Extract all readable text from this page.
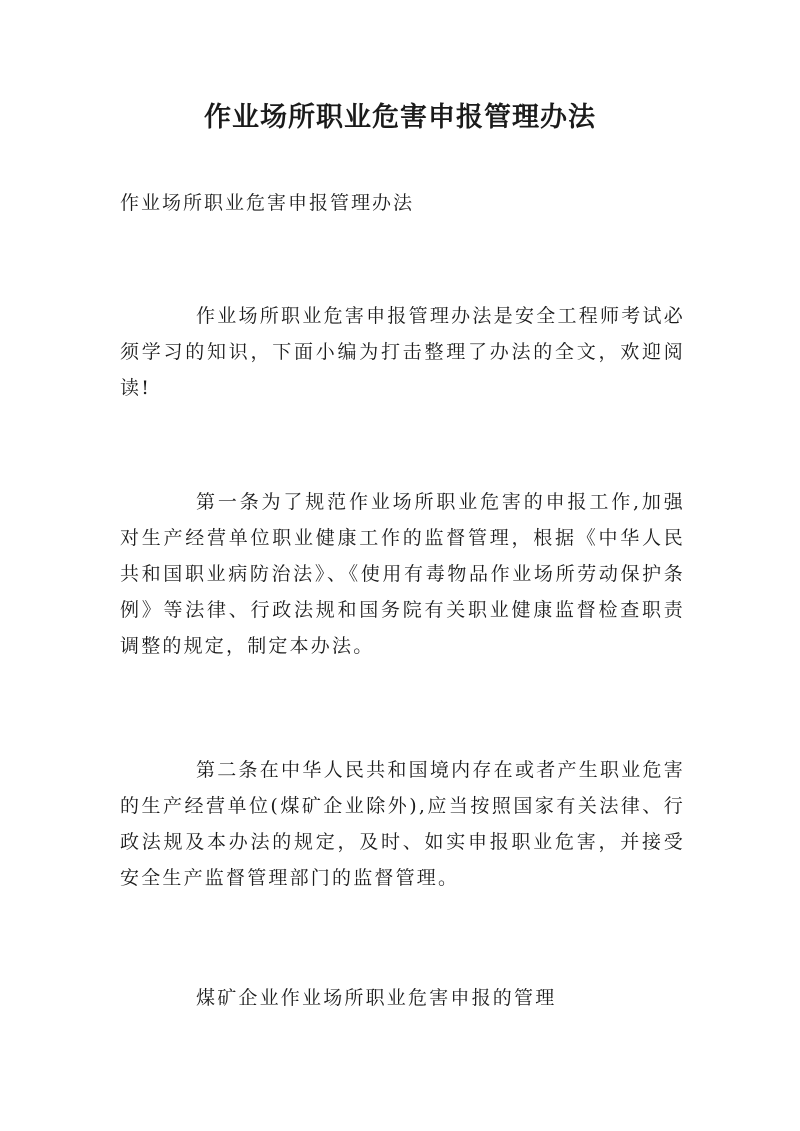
作业场所职业危害申报管理办法

作业场所职业危害申报管理办法

作业场所职业危害申报管理办法是安全工程师考试必须学习的知识，下面小编为打击整理了办法的全文，欢迎阅读!

第一条为了规范作业场所职业危害的申报工作,加强对生产经营单位职业健康工作的监督管理，根据《中华人民共和国职业病防治法》、《使用有毒物品作业场所劳动保护条例》等法律、行政法规和国务院有关职业健康监督检查职责调整的规定，制定本办法。

第二条在中华人民共和国境内存在或者产生职业危害的生产经营单位(煤矿企业除外),应当按照国家有关法律、行政法规及本办法的规定，及时、如实申报职业危害，并接受安全生产监督管理部门的监督管理。

煤矿企业作业场所职业危害申报的管理
